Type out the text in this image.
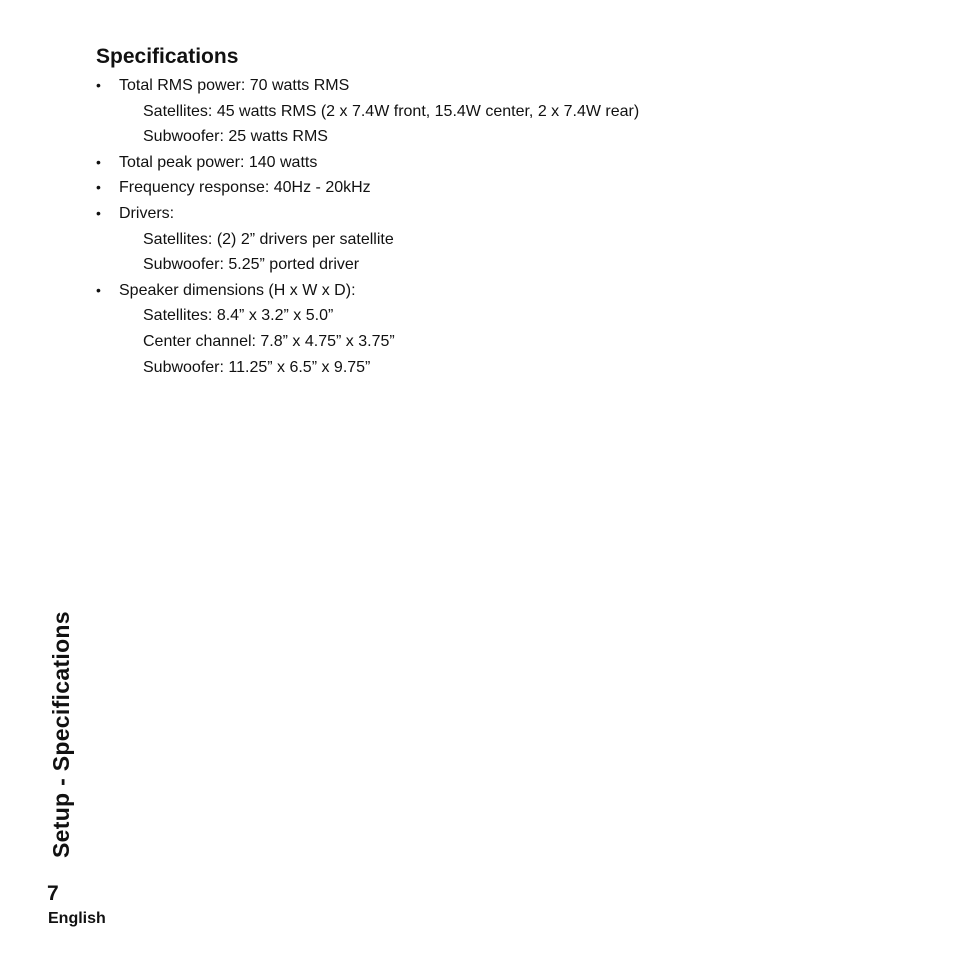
Specifications
• Total RMS power: 70 watts RMS
Satellites: 45 watts RMS (2 x 7.4W front, 15.4W center, 2 x 7.4W rear)
Subwoofer: 25 watts RMS
• Total peak power: 140 watts
• Frequency response: 40Hz - 20kHz
• Drivers:
Satellites: (2) 2” drivers per satellite
Subwoofer: 5.25” ported driver
• Speaker dimensions (H x W x D):
Satellites: 8.4” x 3.2” x 5.0”
Center channel: 7.8” x 4.75” x 3.75”
Subwoofer: 11.25” x 6.5” x 9.75”
Setup - Specifications
7
English
